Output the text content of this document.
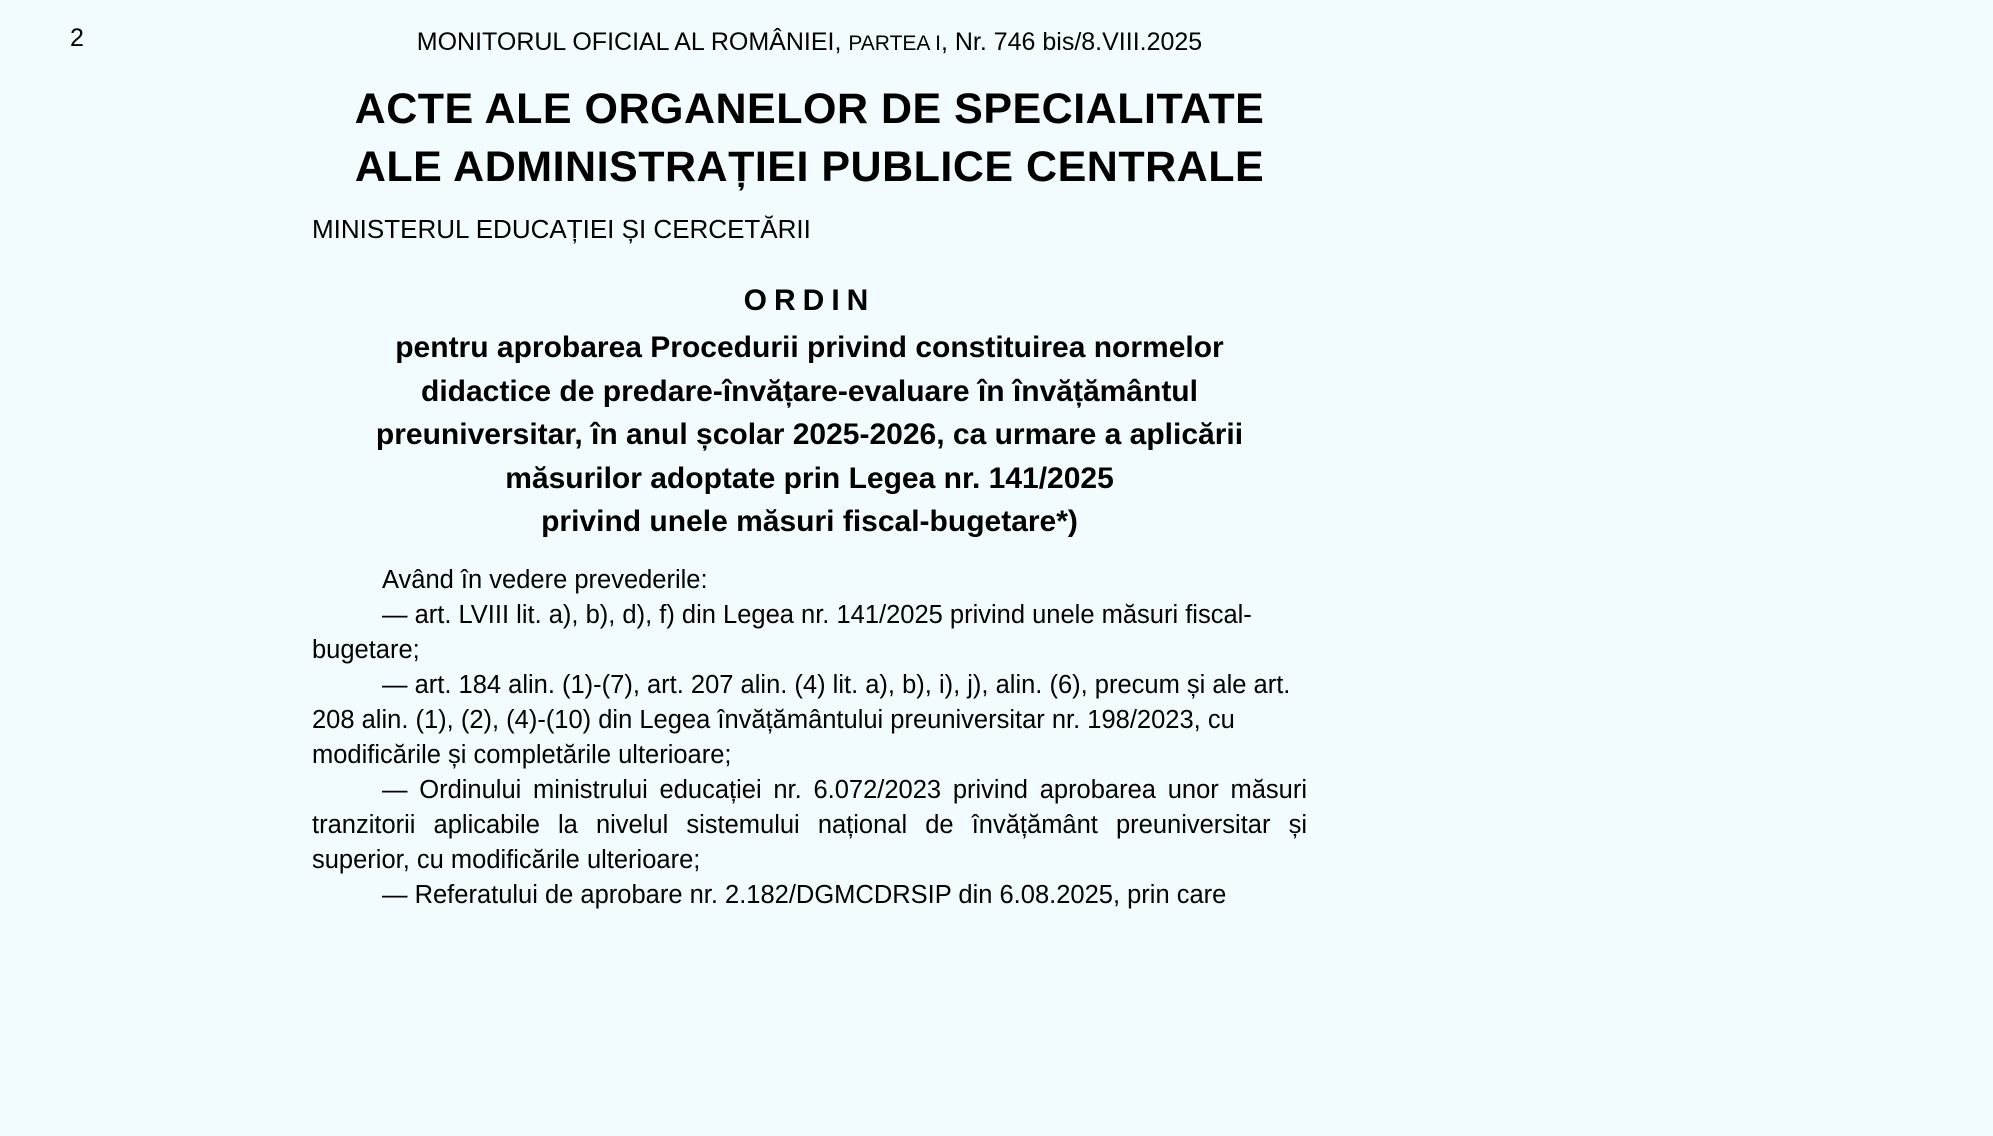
2	MONITORUL OFICIAL AL ROMÂNIEI, PARTEA I, Nr. 746 bis/8.VIII.2025
ACTE ALE ORGANELOR DE SPECIALITATE
ALE ADMINISTRAȚIEI PUBLICE CENTRALE
MINISTERUL EDUCAȚIEI ȘI CERCETĂRII
ORDIN
pentru aprobarea Procedurii privind constituirea normelor
didactice de predare-învățare-evaluare în învățământul
preuniversitar, în anul școlar 2025-2026, ca urmare a aplicării
măsurilor adoptate prin Legea nr. 141/2025
privind unele măsuri fiscal-bugetare*)

Având în vedere prevederile:

— art. LVIII lit. a), b), d), f) din Legea nr. 141/2025 privind unele măsuri fiscal-bugetare;

— art. 184 alin. (1)-(7), art. 207 alin. (4) lit. a), b), i), j), alin. (6), precum și ale art. 208 alin. (1), (2), (4)-(10) din Legea învățământului preuniversitar nr. 198/2023, cu modificările și completările ulterioare;

— Ordinului ministrului educației nr. 6.072/2023 privind aprobarea unor măsuri tranzitorii aplicabile la nivelul sistemului național de învățământ preuniversitar și superior, cu modificările ulterioare;

— Referatului de aprobare nr. 2.182/DGMCDRSIP din 6.08.2025, prin care
